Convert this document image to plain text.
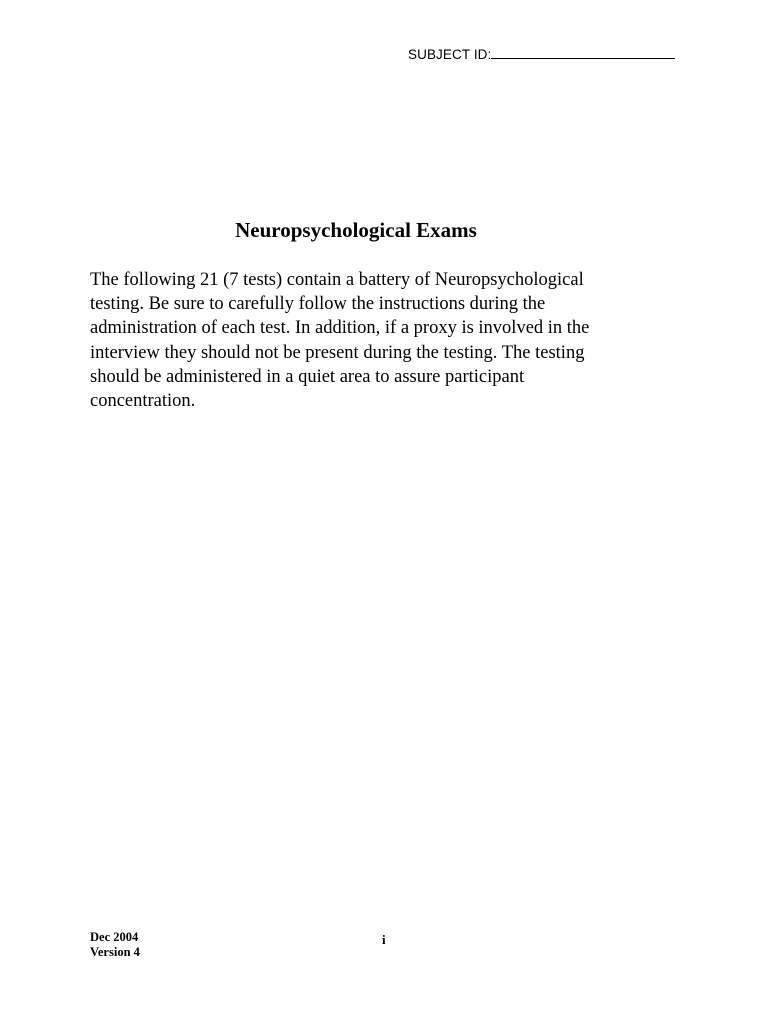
SUBJECT ID:
Neuropsychological Exams

The following 21 (7 tests) contain a battery of Neuropsychological
testing. Be sure to carefully follow the instructions during the
administration of each test. In addition, if a proxy is involved in the
interview they should not be present during the testing. The testing
should be administered in a quiet area to assure participant
concentration.

Dec 2004
Version 4
i
